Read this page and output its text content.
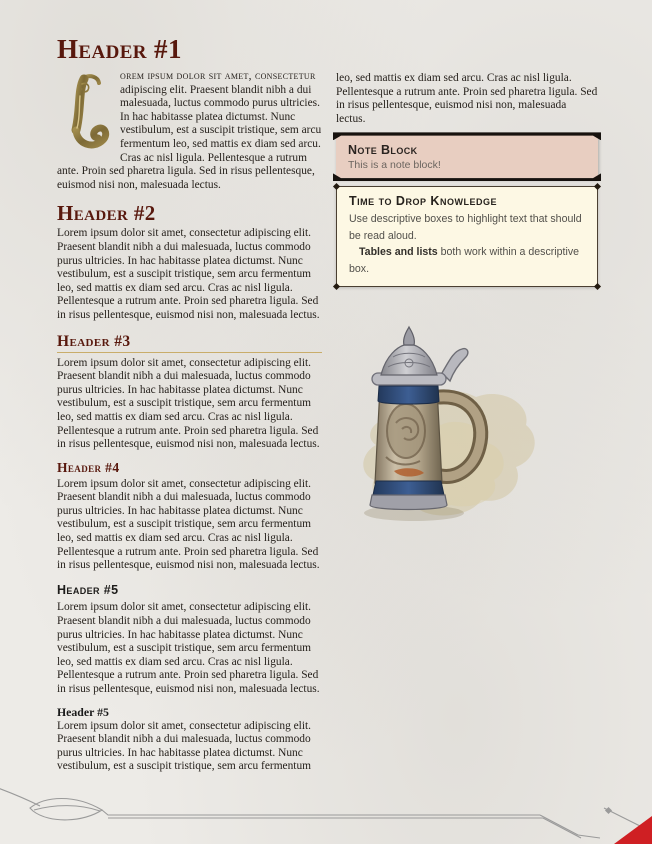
Header #1

orem ipsum dolor sit amet, consectetur adipiscing elit. Praesent blandit nibh a dui malesuada, luctus commodo purus ultricies. In hac habitasse platea dictumst. Nunc vestibulum, est a suscipit tristique, sem arcu fermentum leo, sed mattis ex diam sed arcu. Cras ac nisl ligula. Pellentesque a rutrum ante. Proin sed pharetra ligula. Sed in risus pellentesque, euismod nisi non, malesuada lectus.

Header #2

Lorem ipsum dolor sit amet, consectetur adipiscing elit. Praesent blandit nibh a dui malesuada, luctus commodo purus ultricies. In hac habitasse platea dictumst. Nunc vestibulum, est a suscipit tristique, sem arcu fermentum leo, sed mattis ex diam sed arcu. Cras ac nisl ligula. Pellentesque a rutrum ante. Proin sed pharetra ligula. Sed in risus pellentesque, euismod nisi non, malesuada lectus.

Header #3

Lorem ipsum dolor sit amet, consectetur adipiscing elit. Praesent blandit nibh a dui malesuada, luctus commodo purus ultricies. In hac habitasse platea dictumst. Nunc vestibulum, est a suscipit tristique, sem arcu fermentum leo, sed mattis ex diam sed arcu. Cras ac nisl ligula. Pellentesque a rutrum ante. Proin sed pharetra ligula. Sed in risus pellentesque, euismod nisi non, malesuada lectus.

Header #4

Lorem ipsum dolor sit amet, consectetur adipiscing elit. Praesent blandit nibh a dui malesuada, luctus commodo purus ultricies. In hac habitasse platea dictumst. Nunc vestibulum, est a suscipit tristique, sem arcu fermentum leo, sed mattis ex diam sed arcu. Cras ac nisl ligula. Pellentesque a rutrum ante. Proin sed pharetra ligula. Sed in risus pellentesque, euismod nisi non, malesuada lectus.

Header #5

Lorem ipsum dolor sit amet, consectetur adipiscing elit. Praesent blandit nibh a dui malesuada, luctus commodo purus ultricies. In hac habitasse platea dictumst. Nunc vestibulum, est a suscipit tristique, sem arcu fermentum leo, sed mattis ex diam sed arcu. Cras ac nisl ligula. Pellentesque a rutrum ante. Proin sed pharetra ligula. Sed in risus pellentesque, euismod nisi non, malesuada lectus.

Header #5

Lorem ipsum dolor sit amet, consectetur adipiscing elit. Praesent blandit nibh a dui malesuada, luctus commodo purus ultricies. In hac habitasse platea dictumst. Nunc vestibulum, est a suscipit tristique, sem arcu fermentum

leo, sed mattis ex diam sed arcu. Cras ac nisl ligula. Pellentesque a rutrum ante. Proin sed pharetra ligula. Sed in risus pellentesque, euismod nisi non, malesuada lectus.

Note Block
This is a note block!
Time to Drop Knowledge
Use descriptive boxes to highlight text that should be read aloud.
Tables and lists both work within a descriptive box.
